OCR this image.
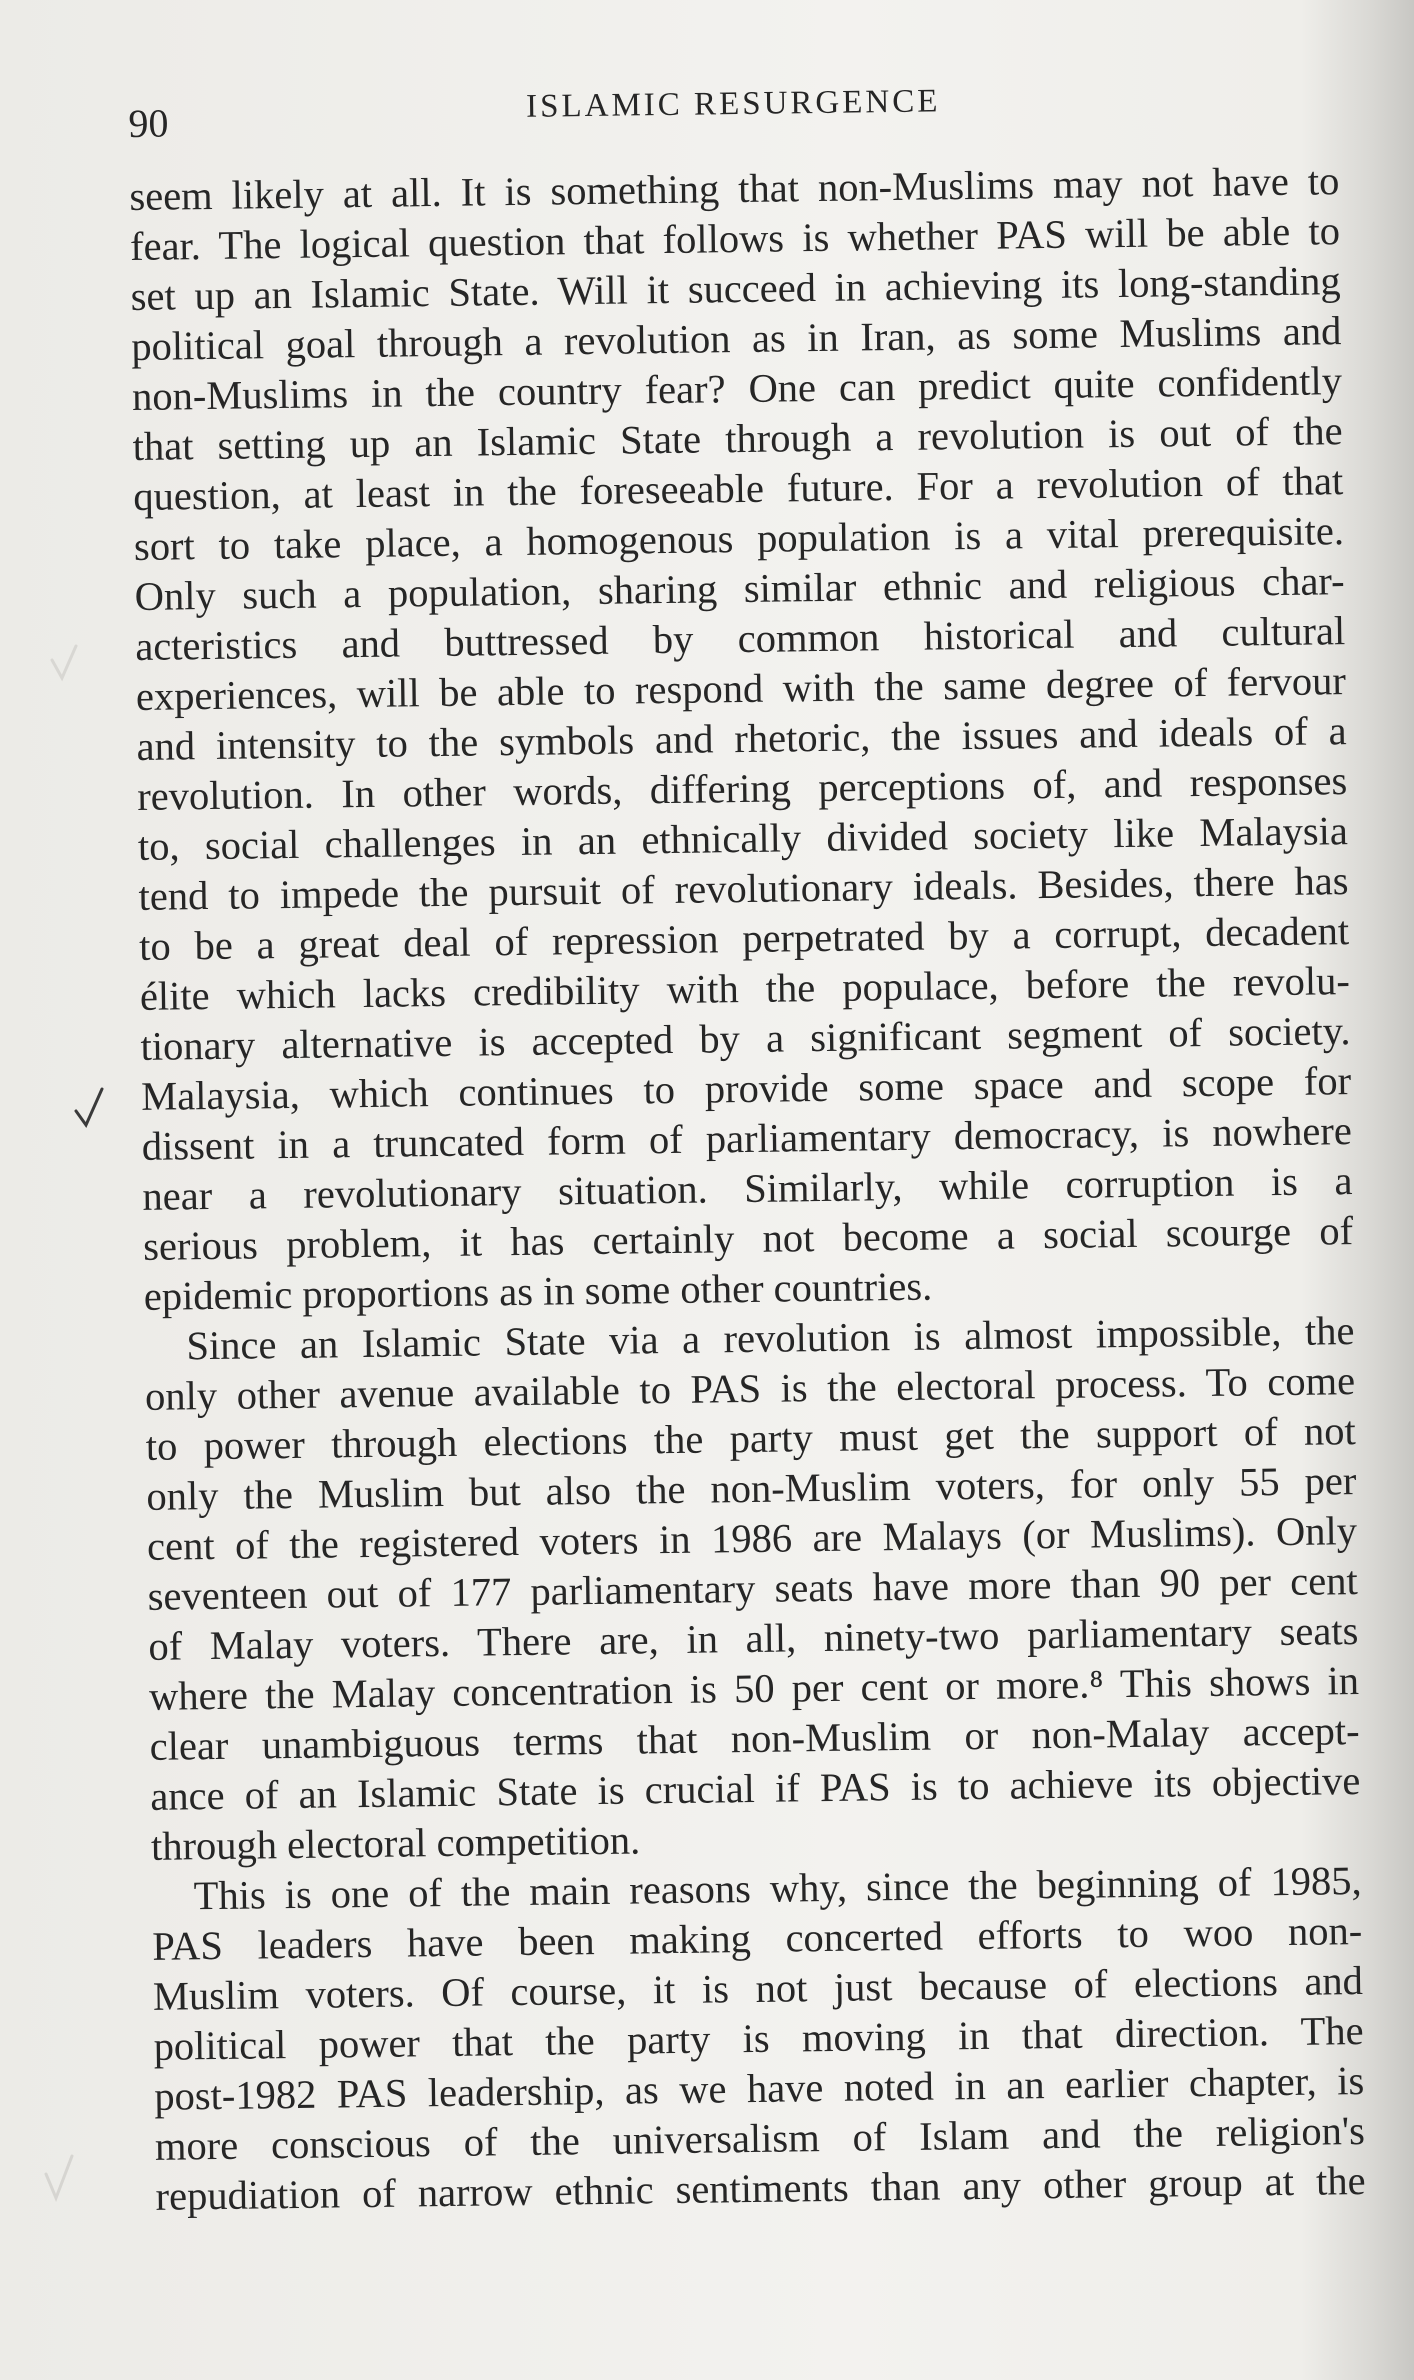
90	ISLAMIC RESURGENCE
seem likely at all. It is something that non-Muslims may not have to
fear. The logical question that follows is whether PAS will be able to
set up an Islamic State. Will it succeed in achieving its long-standing
political goal through a revolution as in Iran, as some Muslims and
non-Muslims in the country fear? One can predict quite confidently
that setting up an Islamic State through a revolution is out of the
question, at least in the foreseeable future. For a revolution of that
sort to take place, a homogenous population is a vital prerequisite.
Only such a population, sharing similar ethnic and religious char-
acteristics and buttressed by common historical and cultural
experiences, will be able to respond with the same degree of fervour
and intensity to the symbols and rhetoric, the issues and ideals of a
revolution. In other words, differing perceptions of, and responses
to, social challenges in an ethnically divided society like Malaysia
tend to impede the pursuit of revolutionary ideals. Besides, there has
to be a great deal of repression perpetrated by a corrupt, decadent
élite which lacks credibility with the populace, before the revolu-
tionary alternative is accepted by a significant segment of society.
Malaysia, which continues to provide some space and scope for
dissent in a truncated form of parliamentary democracy, is nowhere
near a revolutionary situation. Similarly, while corruption is a
serious problem, it has certainly not become a social scourge of
epidemic proportions as in some other countries.
Since an Islamic State via a revolution is almost impossible, the
only other avenue available to PAS is the electoral process. To come
to power through elections the party must get the support of not
only the Muslim but also the non-Muslim voters, for only 55 per
cent of the registered voters in 1986 are Malays (or Muslims). Only
seventeen out of 177 parliamentary seats have more than 90 per cent
of Malay voters. There are, in all, ninety-two parliamentary seats
where the Malay concentration is 50 per cent or more.⁸ This shows in
clear unambiguous terms that non-Muslim or non-Malay accept-
ance of an Islamic State is crucial if PAS is to achieve its objective
through electoral competition.
This is one of the main reasons why, since the beginning of 1985,
PAS leaders have been making concerted efforts to woo non-
Muslim voters. Of course, it is not just because of elections and
political power that the party is moving in that direction. The
post-1982 PAS leadership, as we have noted in an earlier chapter, is
more conscious of the universalism of Islam and the religion's
repudiation of narrow ethnic sentiments than any other group at the
